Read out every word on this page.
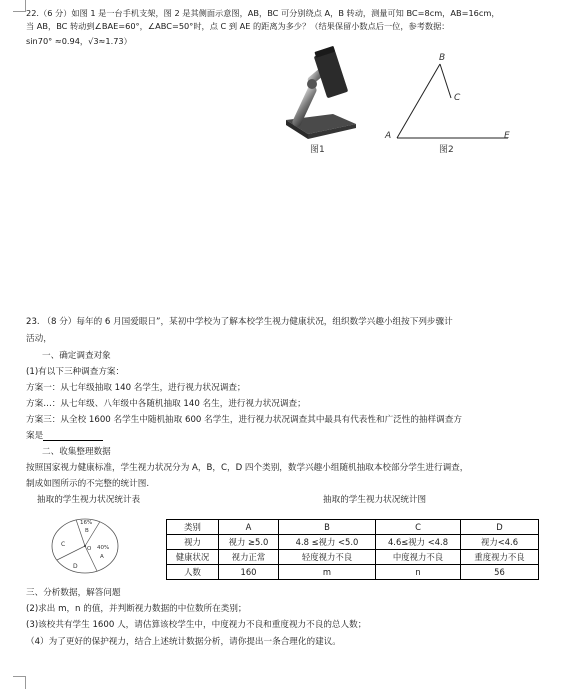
22.（6 分）如图 1 是一台手机支架，图 2 是其侧面示意图，AB，BC 可分别绕点 A，B 转动，测量可知 BC=8cm，AB=16cm，
当 AB，BC 转动到∠BAE=60°，∠ABC=50°时，点 C 到 AE 的距离为多少？（结果保留小数点后一位，参考数据：
sin70° ≈0.94，√3≈1.73）
图1
A
B
C
E
图2
23. （8 分）每年的 6 月国爱眼日”，某初中学校为了解本校学生视力健康状况，组织数学兴趣小组按下列步骤计
活动，
一、确定调查对象
(1)有以下三种调查方案：
方案一：从七年级抽取 140 名学生，进行视力状况调查；
方案…：从七年级、八年级中各随机抽取 140 名生，进行视力状况调查；
方案三：从全校 1600 名学生中随机抽取 600 名学生，进行视力状况调查其中最具有代表性和广泛性的抽样调查方
案是
二、收集整理数据
按照国家视力健康标准，学生视力状况分为 A，B，C，D 四个类别，数学兴趣小组随机抽取本校部分学生进行调查，
制成如图所示的不完整的统计图.
抽取的学生视力状况统计表	抽取的学生视力状况统计图
16%
B
C
O 40%
A
D
类别	A	B	C	D
视力	视力 ≥5.0	4.8 ≤视力 <5.0	4.6≤视力 <4.8	视力<4.6
健康状况	视力正常	轻度视力不良	中度视力不良	重度视力不良
人数	160	m	n	56
三、分析数据，解答问题
(2)求出 m，n 的值，并判断视力数据的中位数所在类别；
(3)该校共有学生 1600 人，请估算该校学生中，中度视力不良和重度视力不良的总人数；
（4）为了更好的保护视力，结合上述统计数据分析，请你提出一条合理化的建议。
